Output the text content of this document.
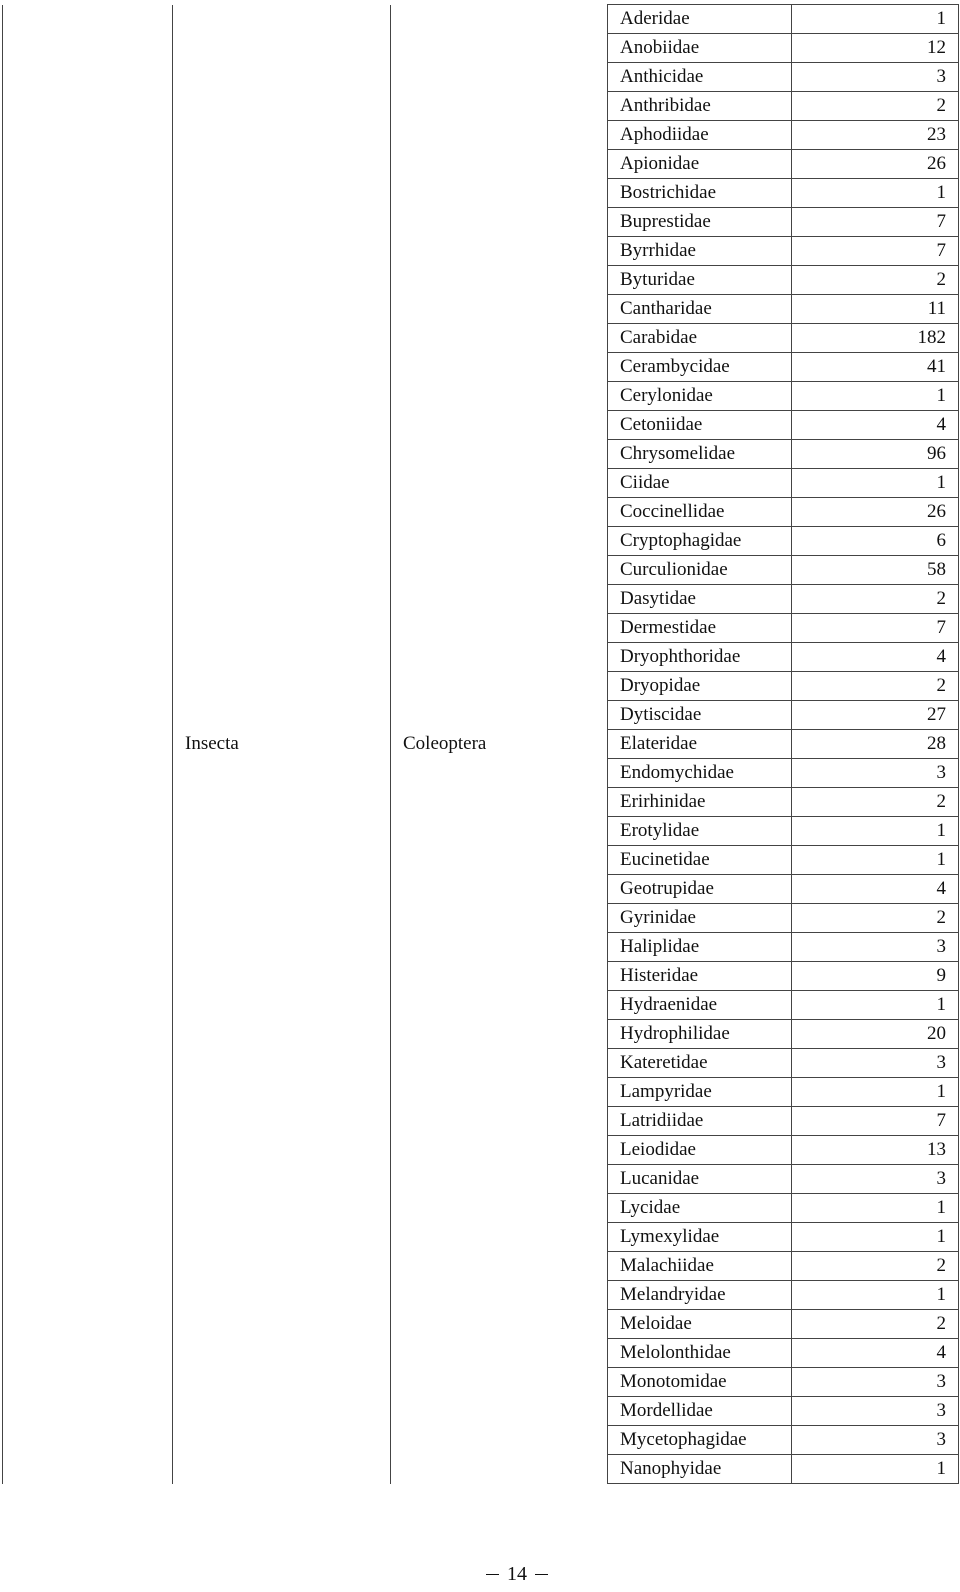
	Insecta	Coleoptera	Aderidae	1
			Anobiidae	12
			Anthicidae	3
			Anthribidae	2
			Aphodiidae	23
			Apionidae	26
			Bostrichidae	1
			Buprestidae	7
			Byrrhidae	7
			Byturidae	2
			Cantharidae	11
			Carabidae	182
			Cerambycidae	41
			Cerylonidae	1
			Cetoniidae	4
			Chrysomelidae	96
			Ciidae	1
			Coccinellidae	26
			Cryptophagidae	6
			Curculionidae	58
			Dasytidae	2
			Dermestidae	7
			Dryophthoridae	4
			Dryopidae	2
			Dytiscidae	27
			Elateridae	28
			Endomychidae	3
			Erirhinidae	2
			Erotylidae	1
			Eucinetidae	1
			Geotrupidae	4
			Gyrinidae	2
			Haliplidae	3
			Histeridae	9
			Hydraenidae	1
			Hydrophilidae	20
			Kateretidae	3
			Lampyridae	1
			Latridiidae	7
			Leiodidae	13
			Lucanidae	3
			Lycidae	1
			Lymexylidae	1
			Malachiidae	2
			Melandryidae	1
			Meloidae	2
			Melolonthidae	4
			Monotomidae	3
			Mordellidae	3
			Mycetophagidae	3
			Nanophyidae	1
14
